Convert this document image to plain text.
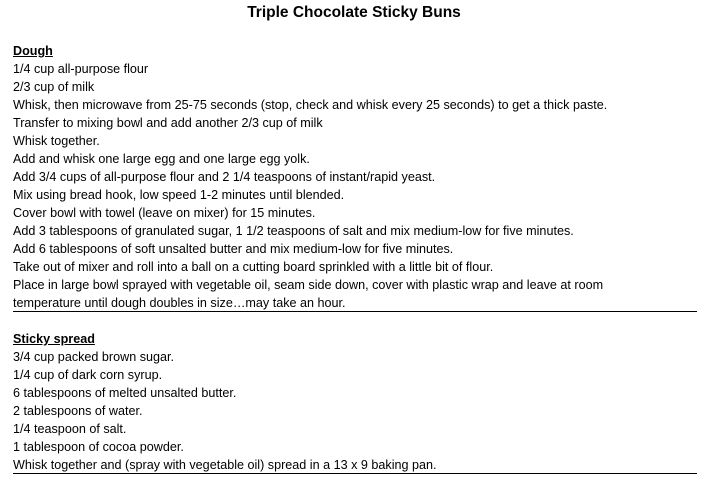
Triple Chocolate Sticky Buns
Dough
1/4 cup all-purpose flour
2/3 cup of milk
Whisk, then microwave from 25-75 seconds (stop, check and whisk every 25 seconds) to get a thick paste.
Transfer to mixing bowl and add another 2/3 cup of milk
Whisk together.
Add and whisk one large egg and one large egg yolk.
Add 3/4 cups of all-purpose flour and 2 1/4 teaspoons of instant/rapid yeast.
Mix using bread hook, low speed 1-2 minutes until blended.
Cover bowl with towel (leave on mixer) for 15 minutes.
Add 3 tablespoons of granulated sugar, 1 1/2 teaspoons of salt and mix medium-low for five minutes.
Add 6 tablespoons of soft unsalted butter and mix medium-low for five minutes.
Take out of mixer and roll into a ball on a cutting board sprinkled with a little bit of flour.
Place in large bowl sprayed with vegetable oil, seam side down, cover with plastic wrap and leave at room
temperature until dough doubles in size…may take an hour.
Sticky spread
3/4 cup packed brown sugar.
1/4 cup of dark corn syrup.
6 tablespoons of melted unsalted butter.
2 tablespoons of water.
1/4 teaspoon of salt.
1 tablespoon of cocoa powder.
Whisk together and (spray with vegetable oil) spread in a 13 x 9 baking pan.
